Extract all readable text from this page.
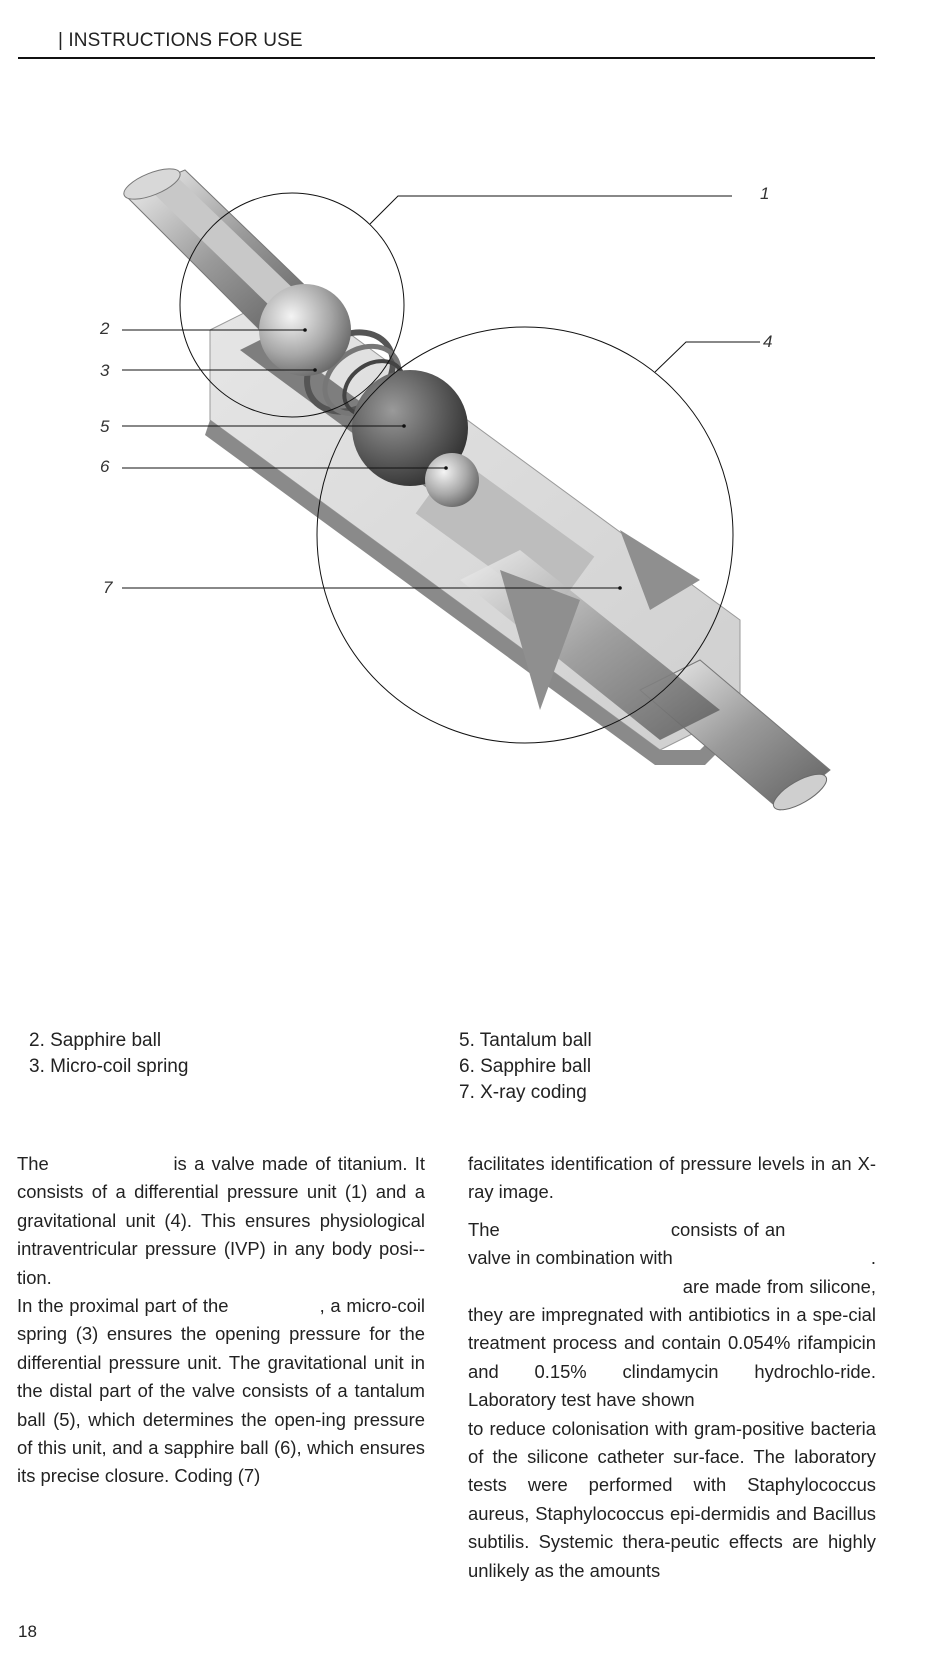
| INSTRUCTIONS FOR USE
1
2
3
4
5
6
7
2. Sapphire ball
3. Micro-coil spring
5. Tantalum ball
6. Sapphire ball
7. X-ray coding

The                 is a valve made of titanium. It consists of a differential pressure unit (1) and a gravitational unit (4). This ensures physiological intraventricular pressure (IVP) in any body posi-tion.

In the proximal part of the                , a micro-coil spring (3) ensures the opening pressure for the differential pressure unit. The gravitational unit in the distal part of the valve consists of a tantalum ball (5), which determines the open-ing pressure of this unit, and a sapphire ball (6), which ensures its precise closure. Coding (7)

facilitates identification of pressure levels in an X-ray image.

The                            consists of an                valve in combination with                                      .                                      are made from silicone, they are impregnated with antibiotics in a spe-cial treatment process and contain 0.054% rifampicin and 0.15% clindamycin hydrochlo-ride. Laboratory test have shown                                   to reduce colonisation with gram-positive bacteria of the silicone catheter sur-face. The laboratory tests were performed with Staphylococcus aureus, Staphylococcus epi-dermidis and Bacillus subtilis. Systemic thera-peutic effects are highly unlikely as the amounts

18
